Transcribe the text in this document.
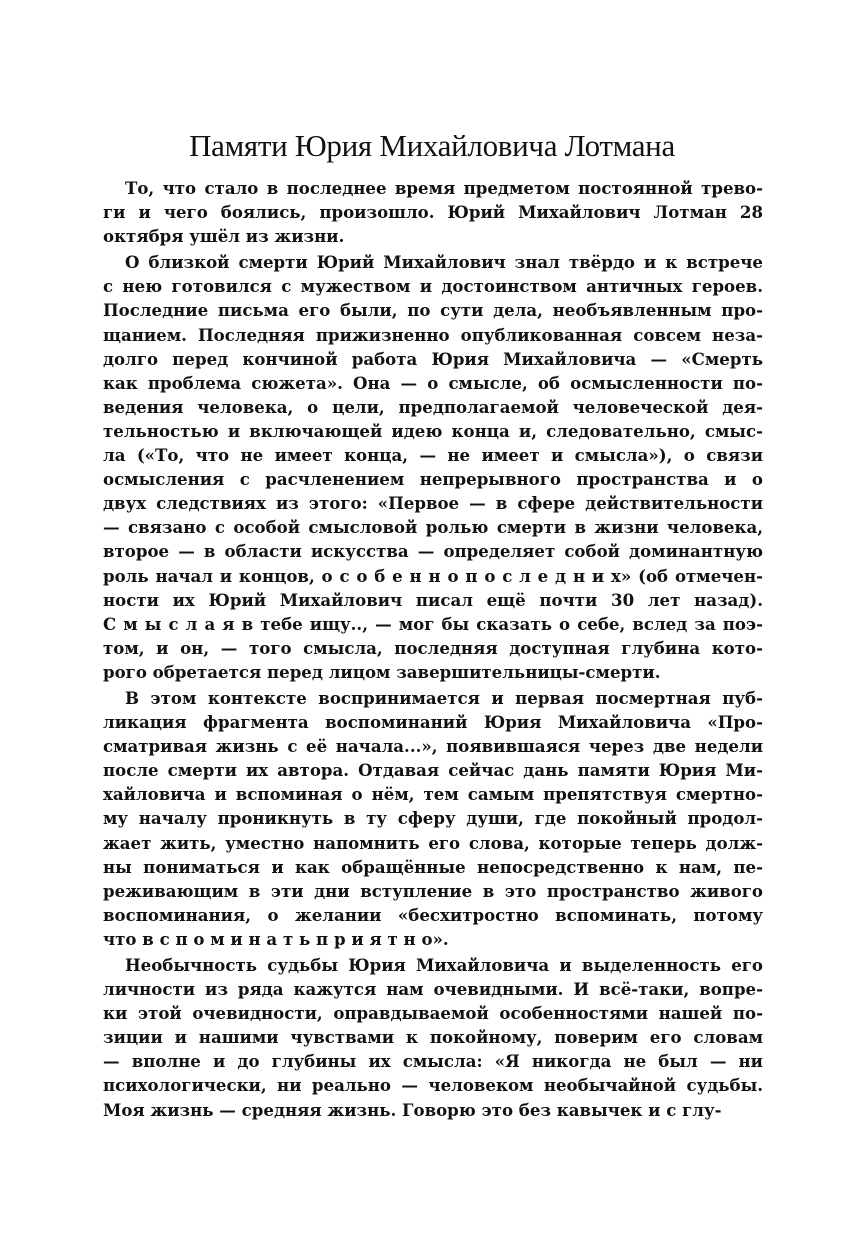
Памяти Юрия Михайловича Лотмана
То, что стало в последнее время предметом постоянной трево-
ги и чего боялись, произошло. Юрий Михайлович Лотман 28
октября ушёл из жизни.
О близкой смерти Юрий Михайлович знал твёрдо и к встрече
с нею готовился с мужеством и достоинством античных героев.
Последние письма его были, по сути дела, необъявленным про-
щанием. Последняя прижизненно опубликованная совсем неза-
долго перед кончиной работа Юрия Михайловича — «Смерть
как проблема сюжета». Она — о смысле, об осмысленности по-
ведения человека, о цели, предполагаемой человеческой дея-
тельностью и включающей идею конца и, следовательно, смыс-
ла («То, что не имеет конца, — не имеет и смысла»), о связи
осмысления с расчленением непрерывного пространства и о
двух следствиях из этого: «Первое — в сфере действительности
— связано с особой смысловой ролью смерти в жизни человека,
второе — в области искусства — определяет собой доминантную
роль начал и концов, о с о б е н н о п о с л е д н и х» (об отмечен-
ности их Юрий Михайлович писал ещё почти 30 лет назад).
С м ы с л а я в тебе ищу.., — мог бы сказать о себе, вслед за поэ-
том, и он, — того смысла, последняя доступная глубина кото-
рого обретается перед лицом завершительницы-смерти.
В этом контексте воспринимается и первая посмертная пуб-
ликация фрагмента воспоминаний Юрия Михайловича «Про-
сматривая жизнь с её начала...», появившаяся через две недели
после смерти их автора. Отдавая сейчас дань памяти Юрия Ми-
хайловича и вспоминая о нём, тем самым препятствуя смертно-
му началу проникнуть в ту сферу души, где покойный продол-
жает жить, уместно напомнить его слова, которые теперь долж-
ны пониматься и как обращённые непосредственно к нам, пе-
реживающим в эти дни вступление в это пространство живого
воспоминания, о желании «бесхитростно вспоминать, потому
что в с п о м и н а т ь п р и я т н о».
Необычность судьбы Юрия Михайловича и выделенность его
личности из ряда кажутся нам очевидными. И всё-таки, вопре-
ки этой очевидности, оправдываемой особенностями нашей по-
зиции и нашими чувствами к покойному, поверим его словам
— вполне и до глубины их смысла: «Я никогда не был — ни
психологически, ни реально — человеком необычайной судьбы.
Моя жизнь — средняя жизнь. Говорю это без кавычек и с глу-
